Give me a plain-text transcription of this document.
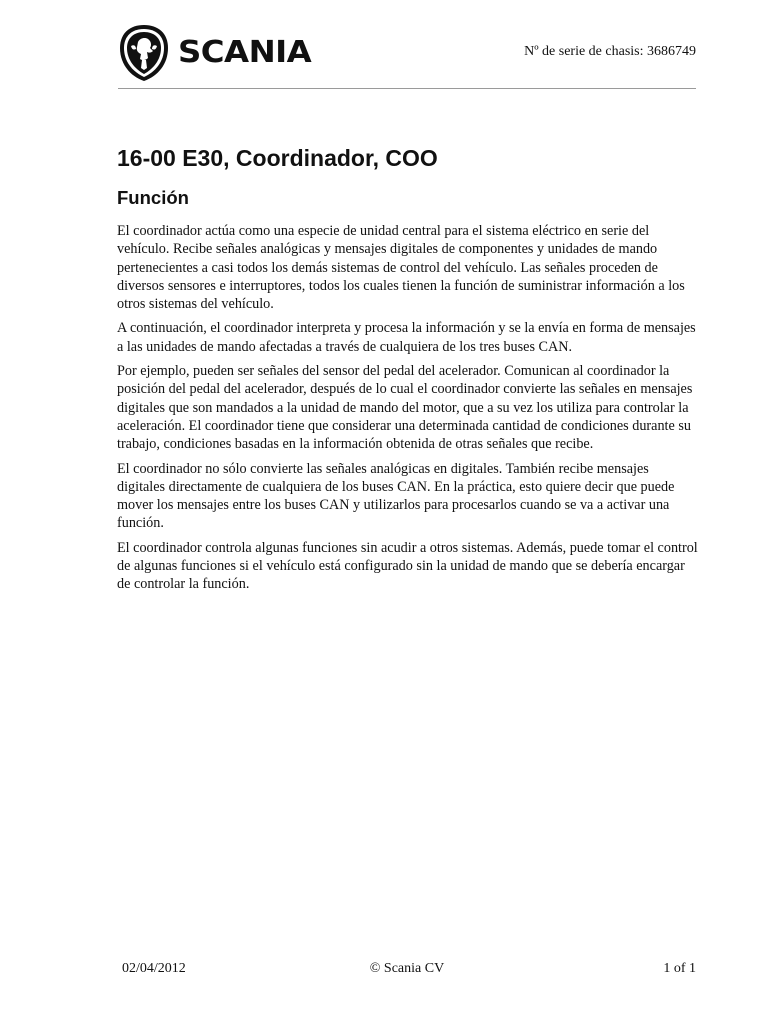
SCANIA	Nº de serie de chasis: 3686749
16-00 E30, Coordinador, COO
Función

El coordinador actúa como una especie de unidad central para el sistema eléctrico en serie del vehículo. Recibe señales analógicas y mensajes digitales de componentes y unidades de mando pertenecientes a casi todos los demás sistemas de control del vehículo. Las señales proceden de diversos sensores e interruptores, todos los cuales tienen la función de suministrar información a los otros sistemas del vehículo.

A continuación, el coordinador interpreta y procesa la información y se la envía en forma de mensajes a las unidades de mando afectadas a través de cualquiera de los tres buses CAN.

Por ejemplo, pueden ser señales del sensor del pedal del acelerador. Comunican al coordinador la posición del pedal del acelerador, después de lo cual el coordinador convierte las señales en mensajes digitales que son mandados a la unidad de mando del motor, que a su vez los utiliza para controlar la aceleración. El coordinador tiene que considerar una determinada cantidad de condiciones durante su trabajo, condiciones basadas en la información obtenida de otras señales que recibe.

El coordinador no sólo convierte las señales analógicas en digitales. También recibe mensajes digitales directamente de cualquiera de los buses CAN. En la práctica, esto quiere decir que puede mover los mensajes entre los buses CAN y utilizarlos para procesarlos cuando se va a activar una función.

El coordinador controla algunas funciones sin acudir a otros sistemas. Además, puede tomar el control de algunas funciones si el vehículo está configurado sin la unidad de mando que se debería encargar de controlar la función.

02/04/2012	© Scania CV	1 of 1
